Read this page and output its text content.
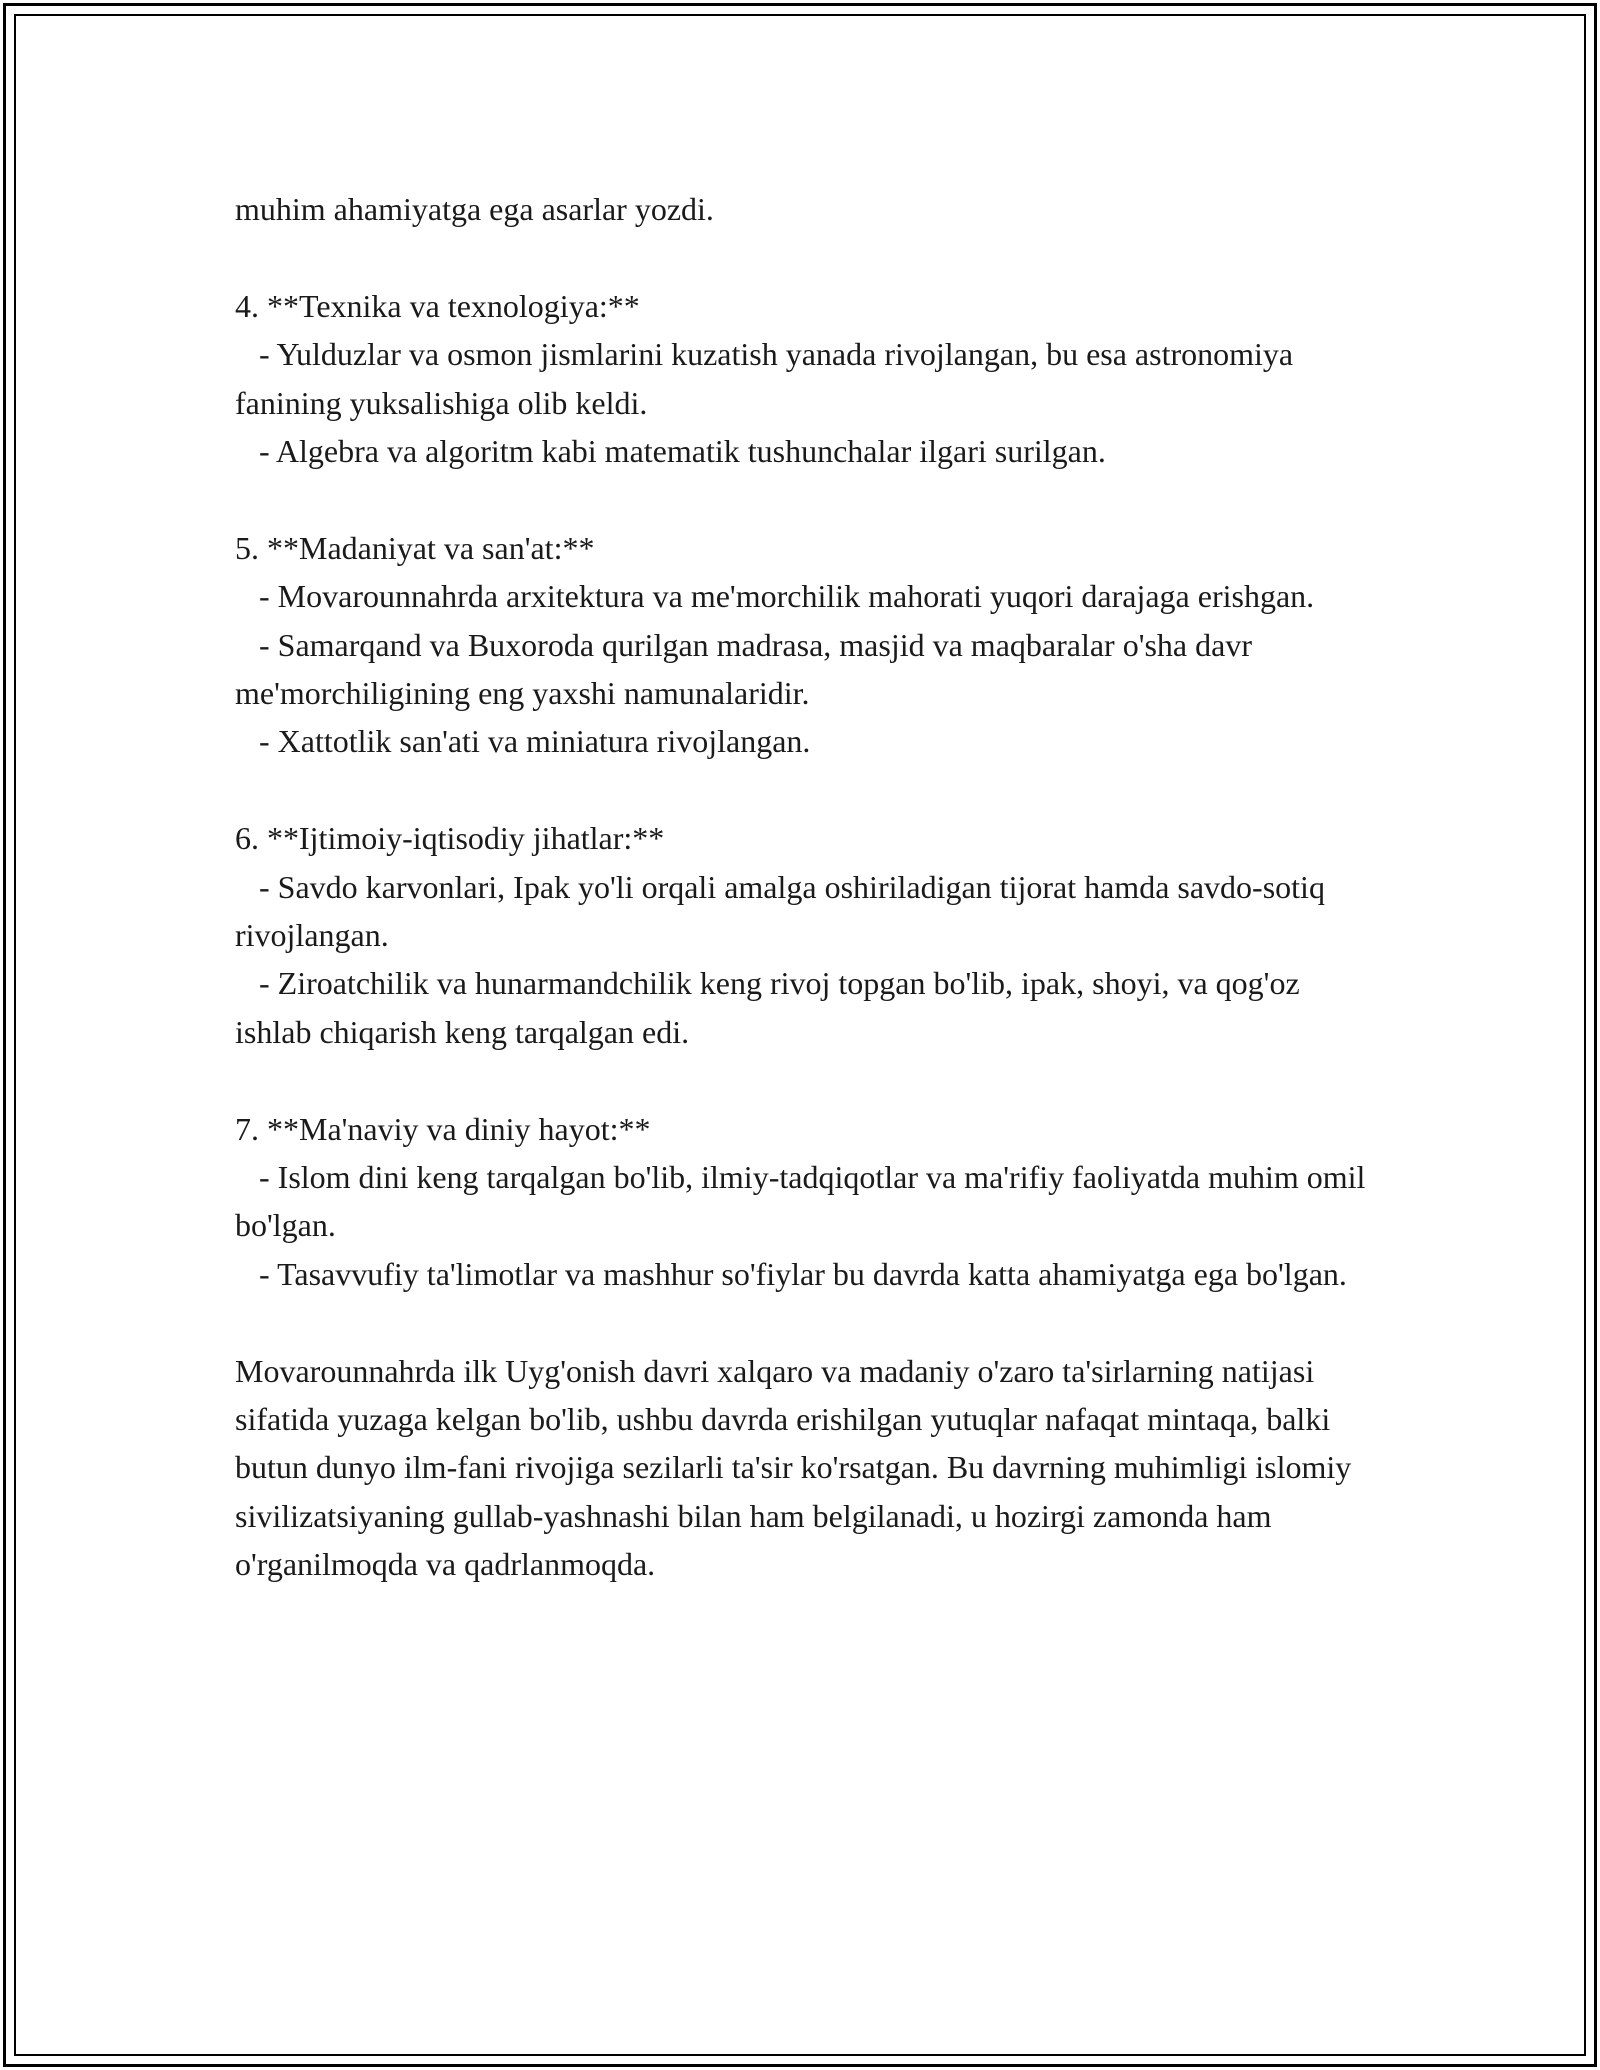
muhim ahamiyatga ega asarlar yozdi.

4. **Texnika va texnologiya:**

- Yulduzlar va osmon jismlarini kuzatish yanada rivojlangan, bu esa astronomiya fanining yuksalishiga olib keldi.

- Algebra va algoritm kabi matematik tushunchalar ilgari surilgan.

5. **Madaniyat va san'at:**

- Movarounnahrda arxitektura va me'morchilik mahorati yuqori darajaga erishgan.

- Samarqand va Buxoroda qurilgan madrasa, masjid va maqbaralar o'sha davr me'morchiligining eng yaxshi namunalaridir.

- Xattotlik san'ati va miniatura rivojlangan.

6. **Ijtimoiy-iqtisodiy jihatlar:**

- Savdo karvonlari, Ipak yo'li orqali amalga oshiriladigan tijorat hamda savdo-sotiq rivojlangan.

- Ziroatchilik va hunarmandchilik keng rivoj topgan bo'lib, ipak, shoyi, va qog'oz ishlab chiqarish keng tarqalgan edi.

7. **Ma'naviy va diniy hayot:**

- Islom dini keng tarqalgan bo'lib, ilmiy-tadqiqotlar va ma'rifiy faoliyatda muhim omil bo'lgan.

- Tasavvufiy ta'limotlar va mashhur so'fiylar bu davrda katta ahamiyatga ega bo'lgan.

Movarounnahrda ilk Uyg'onish davri xalqaro va madaniy o'zaro ta'sirlarning natijasi sifatida yuzaga kelgan bo'lib, ushbu davrda erishilgan yutuqlar nafaqat mintaqa, balki butun dunyo ilm-fani rivojiga sezilarli ta'sir ko'rsatgan. Bu davrning muhimligi islomiy sivilizatsiyaning gullab-yashnashi bilan ham belgilanadi, u hozirgi zamonda ham o'rganilmoqda va qadrlanmoqda.
